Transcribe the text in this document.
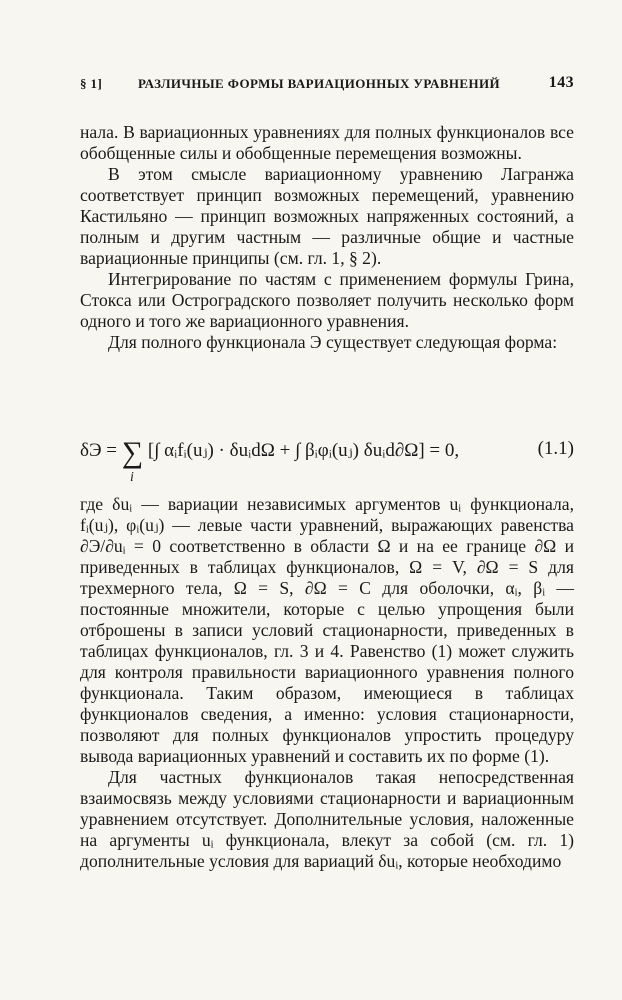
§ 1]	РАЗЛИЧНЫЕ ФОРМЫ ВАРИАЦИОННЫХ УРАВНЕНИЙ	143

нала. В вариационных уравнениях для полных функционалов все обобщенные силы и обобщенные перемещения возможны.

В этом смысле вариационному уравнению Лагранжа соответствует принцип возможных перемещений, уравнению Кастильяно — принцип возможных напряженных состояний, а полным и другим частным — различные общие и частные вариационные принципы (см. гл. 1, § 2).

Интегрирование по частям с применением формулы Грина, Стокса или Остроградского позволяет получить несколько форм одного и того же вариационного уравнения.

Для полного функционала Э существует следующая форма:

δЭ = ∑ [∫ αᵢfᵢ(uⱼ) · δuᵢdΩ + ∫ βᵢφᵢ(uⱼ) δuᵢd∂Ω] = 0,
i
(1.1)

где δuᵢ — вариации независимых аргументов uᵢ функционала, fᵢ(uⱼ), φᵢ(uⱼ) — левые части уравнений, выражающих равенства ∂Э/∂uᵢ = 0 соответственно в области Ω и на ее границе ∂Ω и приведенных в таблицах функционалов, Ω = V, ∂Ω = S для трехмерного тела, Ω = S, ∂Ω = C для оболочки, αᵢ, βᵢ — постоянные множители, которые с целью упрощения были отброшены в записи условий стационарности, приведенных в таблицах функционалов, гл. 3 и 4. Равенство (1) может служить для контроля правильности вариационного уравнения полного функционала. Таким образом, имеющиеся в таблицах функционалов сведения, а именно: условия стационарности, позволяют для полных функционалов упростить процедуру вывода вариационных уравнений и составить их по форме (1).

Для частных функционалов такая непосредственная взаимосвязь между условиями стационарности и вариационным уравнением отсутствует. Дополнительные условия, наложенные на аргументы uᵢ функционала, влекут за собой (см. гл. 1) дополнительные условия для вариаций δuᵢ, которые необходимо
